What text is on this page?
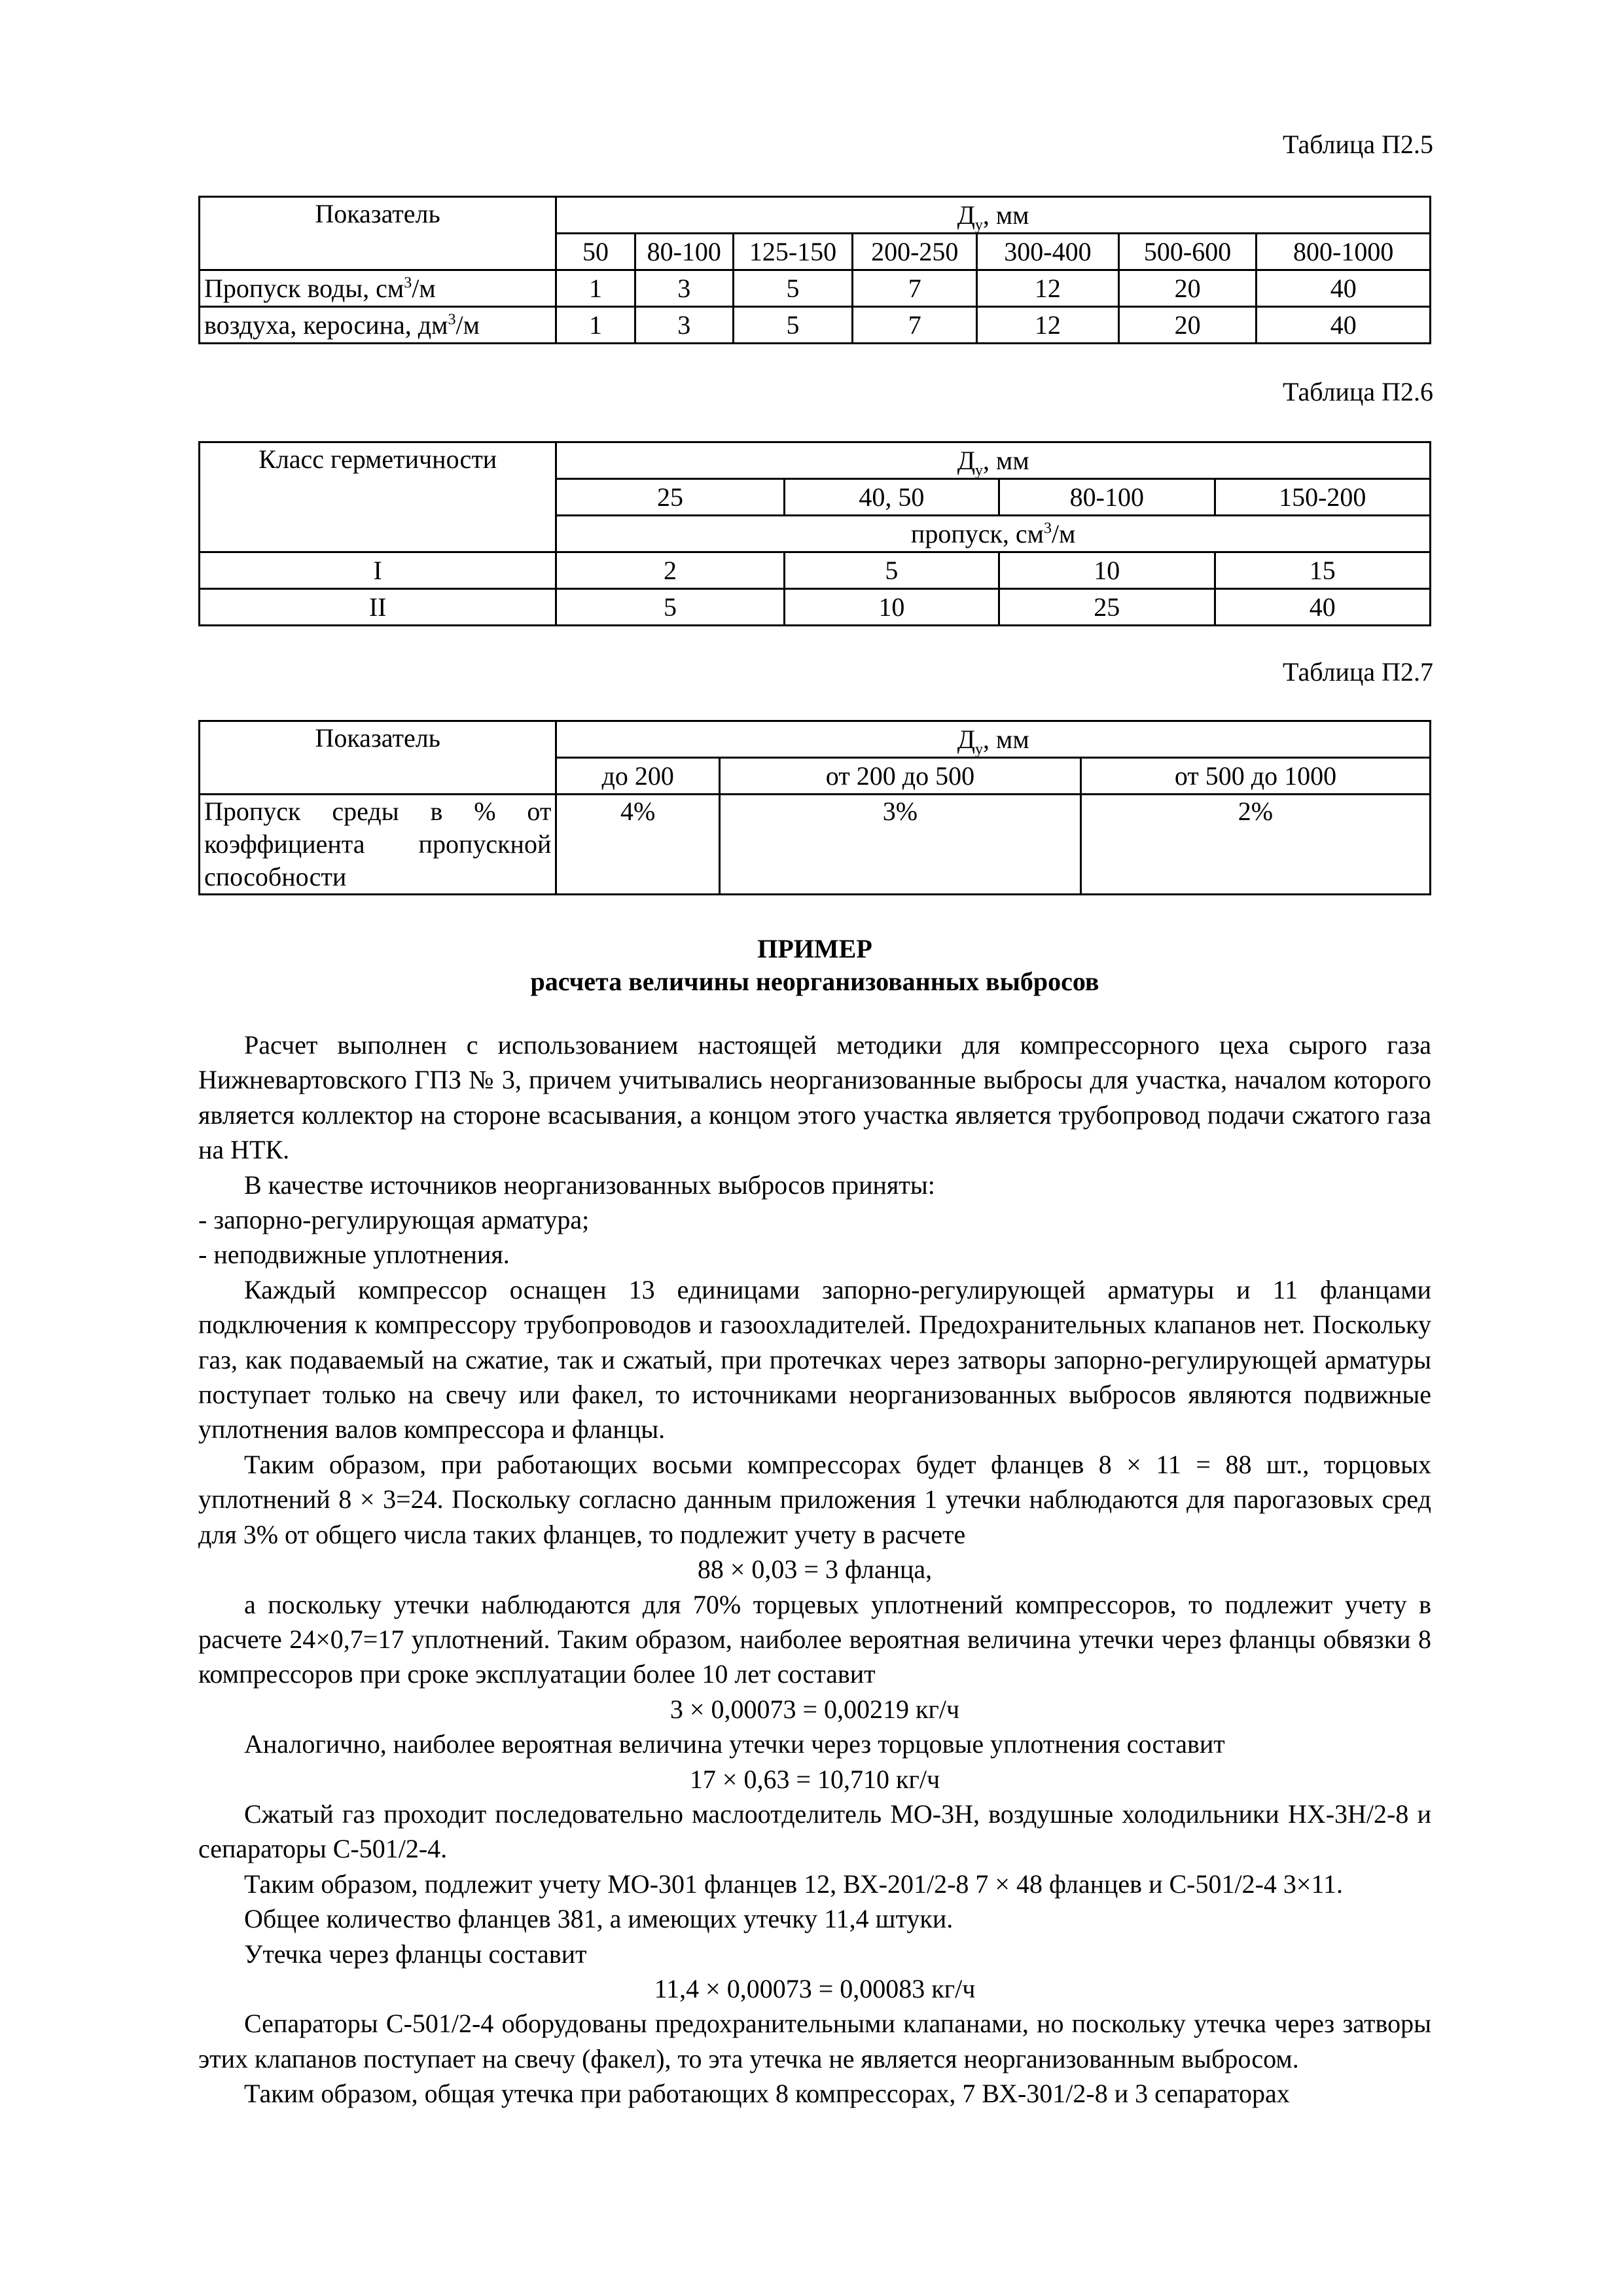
Таблица П2.5
Показатель	$Д_у$, мм						
	50	80-100	125-150	200-250	300-400	500-600	800-1000
Пропуск воды, $см^3/м$	1	3	5	7	12	20	40
воздуха, керосина, $дм^3/м$	1	3	5	7	12	20	40
Таблица П2.6
Класс герметичности	$Д_у$, мм			
	25	40, 50	80-100	150-200
	пропуск, $см^3/м$			
I	2	5	10	15
II	5	10	25	40
Таблица П2.7
Показатель	$Д_у$, мм		
	до 200	от 200 до 500	от 500 до 1000

Пропуск среды в % от
коэффициента пропускной
способности	4%	3%	2%
ПРИМЕР
расчета величины неорганизованных выбросов

Расчет выполнен с использованием настоящей методики для компрессорного цеха сырого газа Нижневартовского ГПЗ № 3, причем учитывались неорганизованные выбросы для участка, началом которого является коллектор на стороне всасывания, а концом этого участка является трубопровод подачи сжатого газа на НТК.

В качестве источников неорганизованных выбросов приняты:

- запорно-регулирующая арматура;

- неподвижные уплотнения.

Каждый компрессор оснащен 13 единицами запорно-регулирующей арматуры и 11 фланцами подключения к компрессору трубопроводов и газоохладителей. Предохранительных клапанов нет. Поскольку газ, как подаваемый на сжатие, так и сжатый, при протечках через затворы запорно-регулирующей арматуры поступает только на свечу или факел, то источниками неорганизованных выбросов являются подвижные уплотнения валов компрессора и фланцы.

Таким образом, при работающих восьми компрессорах будет фланцев 8 × 11 = 88 шт., торцовых уплотнений 8 × 3=24. Поскольку согласно данным приложения 1 утечки наблюдаются для парогазовых сред для 3% от общего числа таких фланцев, то подлежит учету в расчете

88 × 0,03 = 3 фланца,

а поскольку утечки наблюдаются для 70% торцевых уплотнений компрессоров, то подлежит учету в расчете 24×0,7=17 уплотнений. Таким образом, наиболее вероятная величина утечки через фланцы обвязки 8 компрессоров при сроке эксплуатации более 10 лет составит

3 × 0,00073 = 0,00219 кг/ч

Аналогично, наиболее вероятная величина утечки через торцовые уплотнения составит

17 × 0,63 = 10,710 кг/ч

Сжатый газ проходит последовательно маслоотделитель МО-3Н, воздушные холодильники НХ-3Н/2-8 и сепараторы С-501/2-4.

Таким образом, подлежит учету МО-301 фланцев 12, ВХ-201/2-8 7 × 48 фланцев и С-501/2-4 3×11.

Общее количество фланцев 381, а имеющих утечку 11,4 штуки.

Утечка через фланцы составит

11,4 × 0,00073 = 0,00083 кг/ч

Сепараторы С-501/2-4 оборудованы предохранительными клапанами, но поскольку утечка через затворы этих клапанов поступает на свечу (факел), то эта утечка не является неорганизованным выбросом.

Таким образом, общая утечка при работающих 8 компрессорах, 7 ВХ-301/2-8 и 3 сепараторах
